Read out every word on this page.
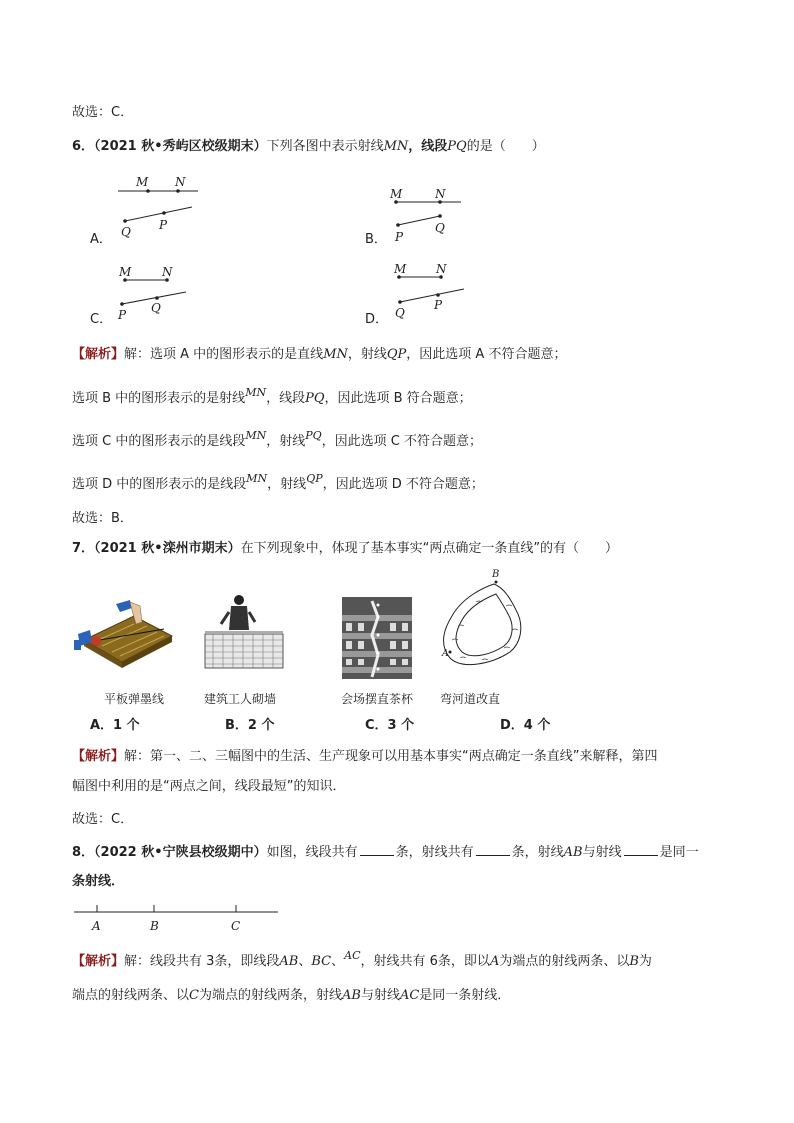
故选：C．
6．（2021 秋•秀屿区校级期末）下列各图中表示射线MN，线段PQ的是（　　）
A．
M N
Q P
B．
M	N
P
Q
C．
M	N
P Q
D．
M N
Q
P
【解析】解：选项 A 中的图形表示的是直线MN，射线QP，因此选项 A 不符合题意；
选项 B 中的图形表示的是射线$^{MN}$，线段PQ，因此选项 B 符合题意；
选项 C 中的图形表示的是线段$^{MN}$，射线$^{PQ}$，因此选项 C 不符合题意；
选项 D 中的图形表示的是线段$^{MN}$，射线$^{QP}$，因此选项 D 不符合题意；
故选：B．
7．（2021 秋•滦州市期末）在下列现象中，体现了基本事实“两点确定一条直线”的有（　　）
平板弹墨线	建筑工人砌墙	会场摆直茶杯
B
A
弯河道改直
A．1 个	B．2 个	C．3 个	D．4 个
【解析】解：第一、二、三幅图中的生活、生产现象可以用基本事实“两点确定一条直线”来解释，第四
幅图中利用的是“两点之间，线段最短”的知识．
故选：C．
8．（2022 秋•宁陕县校级期中）如图，线段共有	条，射线共有	条，射线AB与射线	是同一
条射线．
A	B	C
【解析】解：线段共有 3条，即线段AB、BC、$^{AC}$，射线共有 6条，即以A为端点的射线两条、以B为
端点的射线两条、以C为端点的射线两条，射线AB与射线AC是同一条射线．
